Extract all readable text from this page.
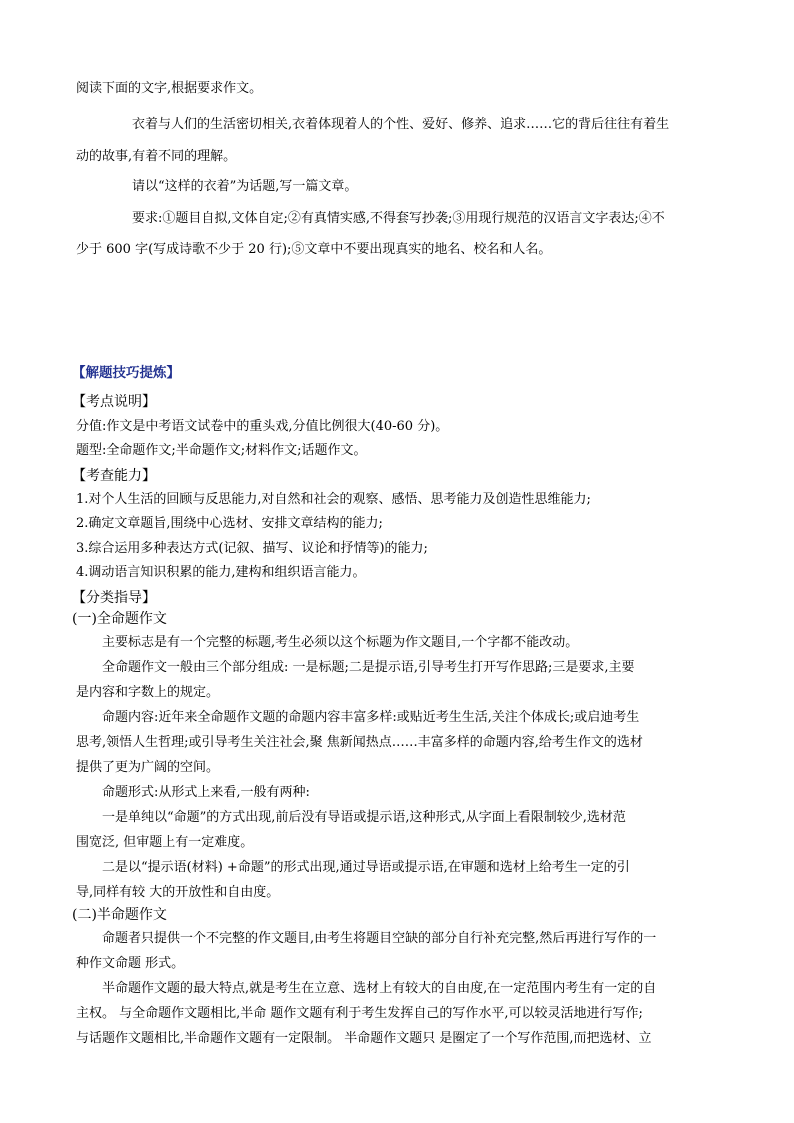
阅读下面的文字,根据要求作文。
衣着与人们的生活密切相关,衣着体现着人的个性、爱好、修养、追求……它的背后往往有着生
动的故事,有着不同的理解。
请以“这样的衣着”为话题,写一篇文章。
要求:①题目自拟,文体自定;②有真情实感,不得套写抄袭;③用现行规范的汉语言文字表达;④不
少于 600 字(写成诗歌不少于 20 行);⑤文章中不要出现真实的地名、校名和人名。
【解题技巧提炼】
【考点说明】
分值:作文是中考语文试卷中的重头戏,分值比例很大(40-60 分)。
题型:全命题作文;半命题作文;材料作文;话题作文。
【考查能力】
1.对个人生活的回顾与反思能力,对自然和社会的观察、感悟、思考能力及创造性思维能力;
2.确定文章题旨,围绕中心选材、安排文章结构的能力;
3.综合运用多种表达方式(记叙、描写、议论和抒情等)的能力;
4.调动语言知识积累的能力,建构和组织语言能力。
【分类指导】
(一)全命题作文
主要标志是有一个完整的标题,考生必须以这个标题为作文题目,一个字都不能改动。
全命题作文一般由三个部分组成: 一是标题;二是提示语,引导考生打开写作思路;三是要求,主要
是内容和字数上的规定。
命题内容:近年来全命题作文题的命题内容丰富多样:或贴近考生生活,关注个体成长;或启迪考生
思考,领悟人生哲理;或引导考生关注社会,聚 焦新闻热点……丰富多样的命题内容,给考生作文的选材
提供了更为广阔的空间。
命题形式:从形式上来看,一般有两种:
一是单纯以“命题”的方式出现,前后没有导语或提示语,这种形式,从字面上看限制较少,选材范
围宽泛, 但审题上有一定难度。
二是以“提示语(材料) +命题”的形式出现,通过导语或提示语,在审题和选材上给考生一定的引
导,同样有较 大的开放性和自由度。
(二)半命题作文
命题者只提供一个不完整的作文题目,由考生将题目空缺的部分自行补充完整,然后再进行写作的一
种作文命题 形式。
半命题作文题的最大特点,就是考生在立意、选材上有较大的自由度,在一定范围内考生有一定的自
主权。 与全命题作文题相比,半命 题作文题有利于考生发挥自己的写作水平,可以较灵活地进行写作;
与话题作文题相比,半命题作文题有一定限制。 半命题作文题只 是圈定了一个写作范围,而把选材、立
